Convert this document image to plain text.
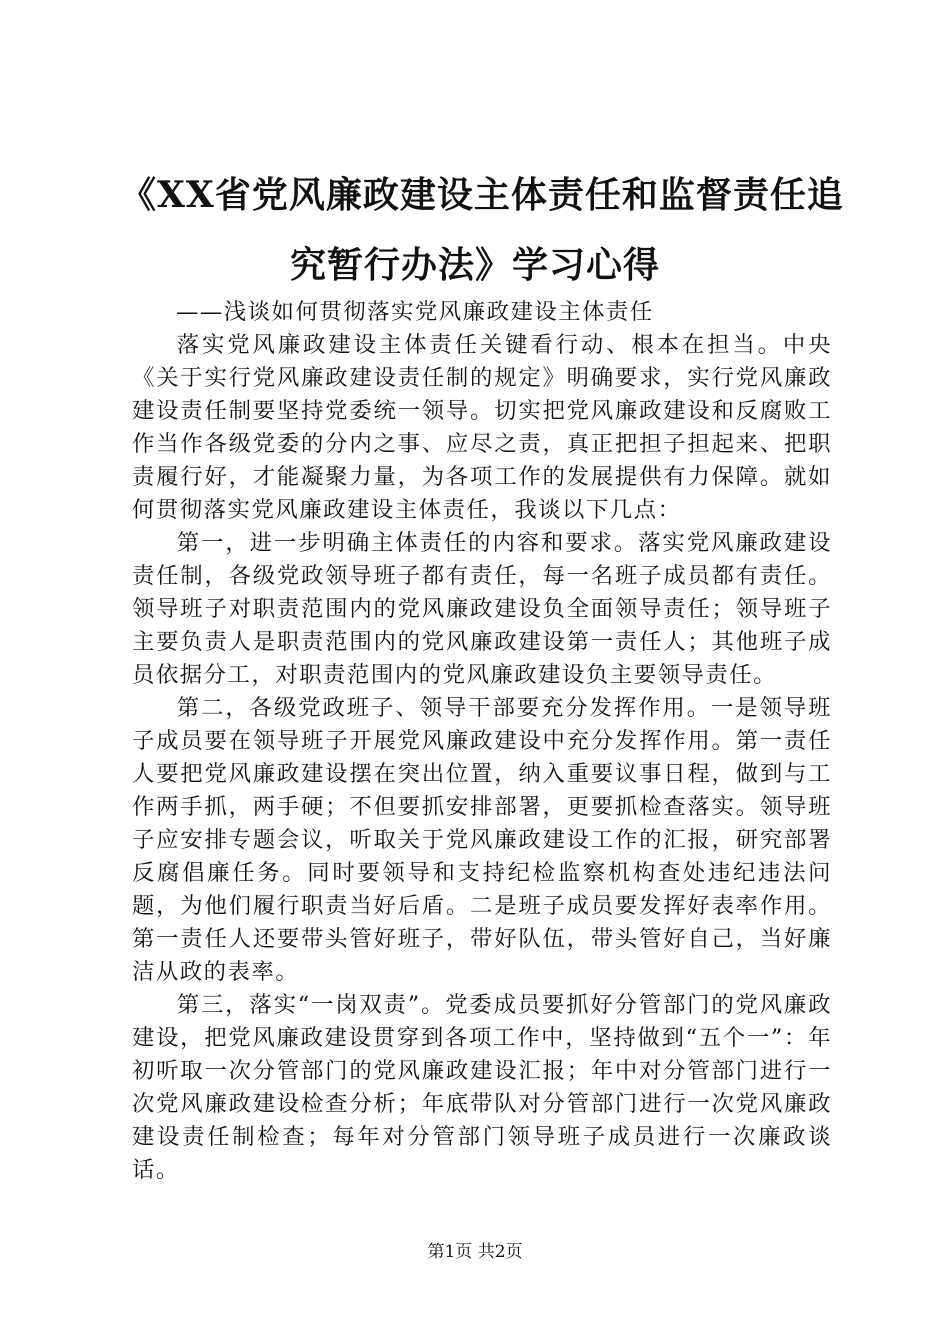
《XX省党风廉政建设主体责任和监督责任追
究暂行办法》学习心得

——浅谈如何贯彻落实党风廉政建设主体责任

落实党风廉政建设主体责任关键看行动、根本在担当。中央《关于实行党风廉政建设责任制的规定》明确要求，实行党风廉政建设责任制要坚持党委统一领导。切实把党风廉政建设和反腐败工作当作各级党委的分内之事、应尽之责，真正把担子担起来、把职责履行好，才能凝聚力量，为各项工作的发展提供有力保障。就如何贯彻落实党风廉政建设主体责任，我谈以下几点：

第一，进一步明确主体责任的内容和要求。落实党风廉政建设责任制，各级党政领导班子都有责任，每一名班子成员都有责任。领导班子对职责范围内的党风廉政建设负全面领导责任；领导班子主要负责人是职责范围内的党风廉政建设第一责任人；其他班子成员依据分工，对职责范围内的党风廉政建设负主要领导责任。

第二，各级党政班子、领导干部要充分发挥作用。一是领导班子成员要在领导班子开展党风廉政建设中充分发挥作用。第一责任人要把党风廉政建设摆在突出位置，纳入重要议事日程，做到与工作两手抓，两手硬；不但要抓安排部署，更要抓检查落实。领导班子应安排专题会议，听取关于党风廉政建设工作的汇报，研究部署反腐倡廉任务。同时要领导和支持纪检监察机构查处违纪违法问题，为他们履行职责当好后盾。二是班子成员要发挥好表率作用。第一责任人还要带头管好班子，带好队伍，带头管好自己，当好廉洁从政的表率。

第三，落实“一岗双责”。党委成员要抓好分管部门的党风廉政建设，把党风廉政建设贯穿到各项工作中，坚持做到“五个一”：年初听取一次分管部门的党风廉政建设汇报；年中对分管部门进行一次党风廉政建设检查分析；年底带队对分管部门进行一次党风廉政建设责任制检查；每年对分管部门领导班子成员进行一次廉政谈话。

第1页 共2页
